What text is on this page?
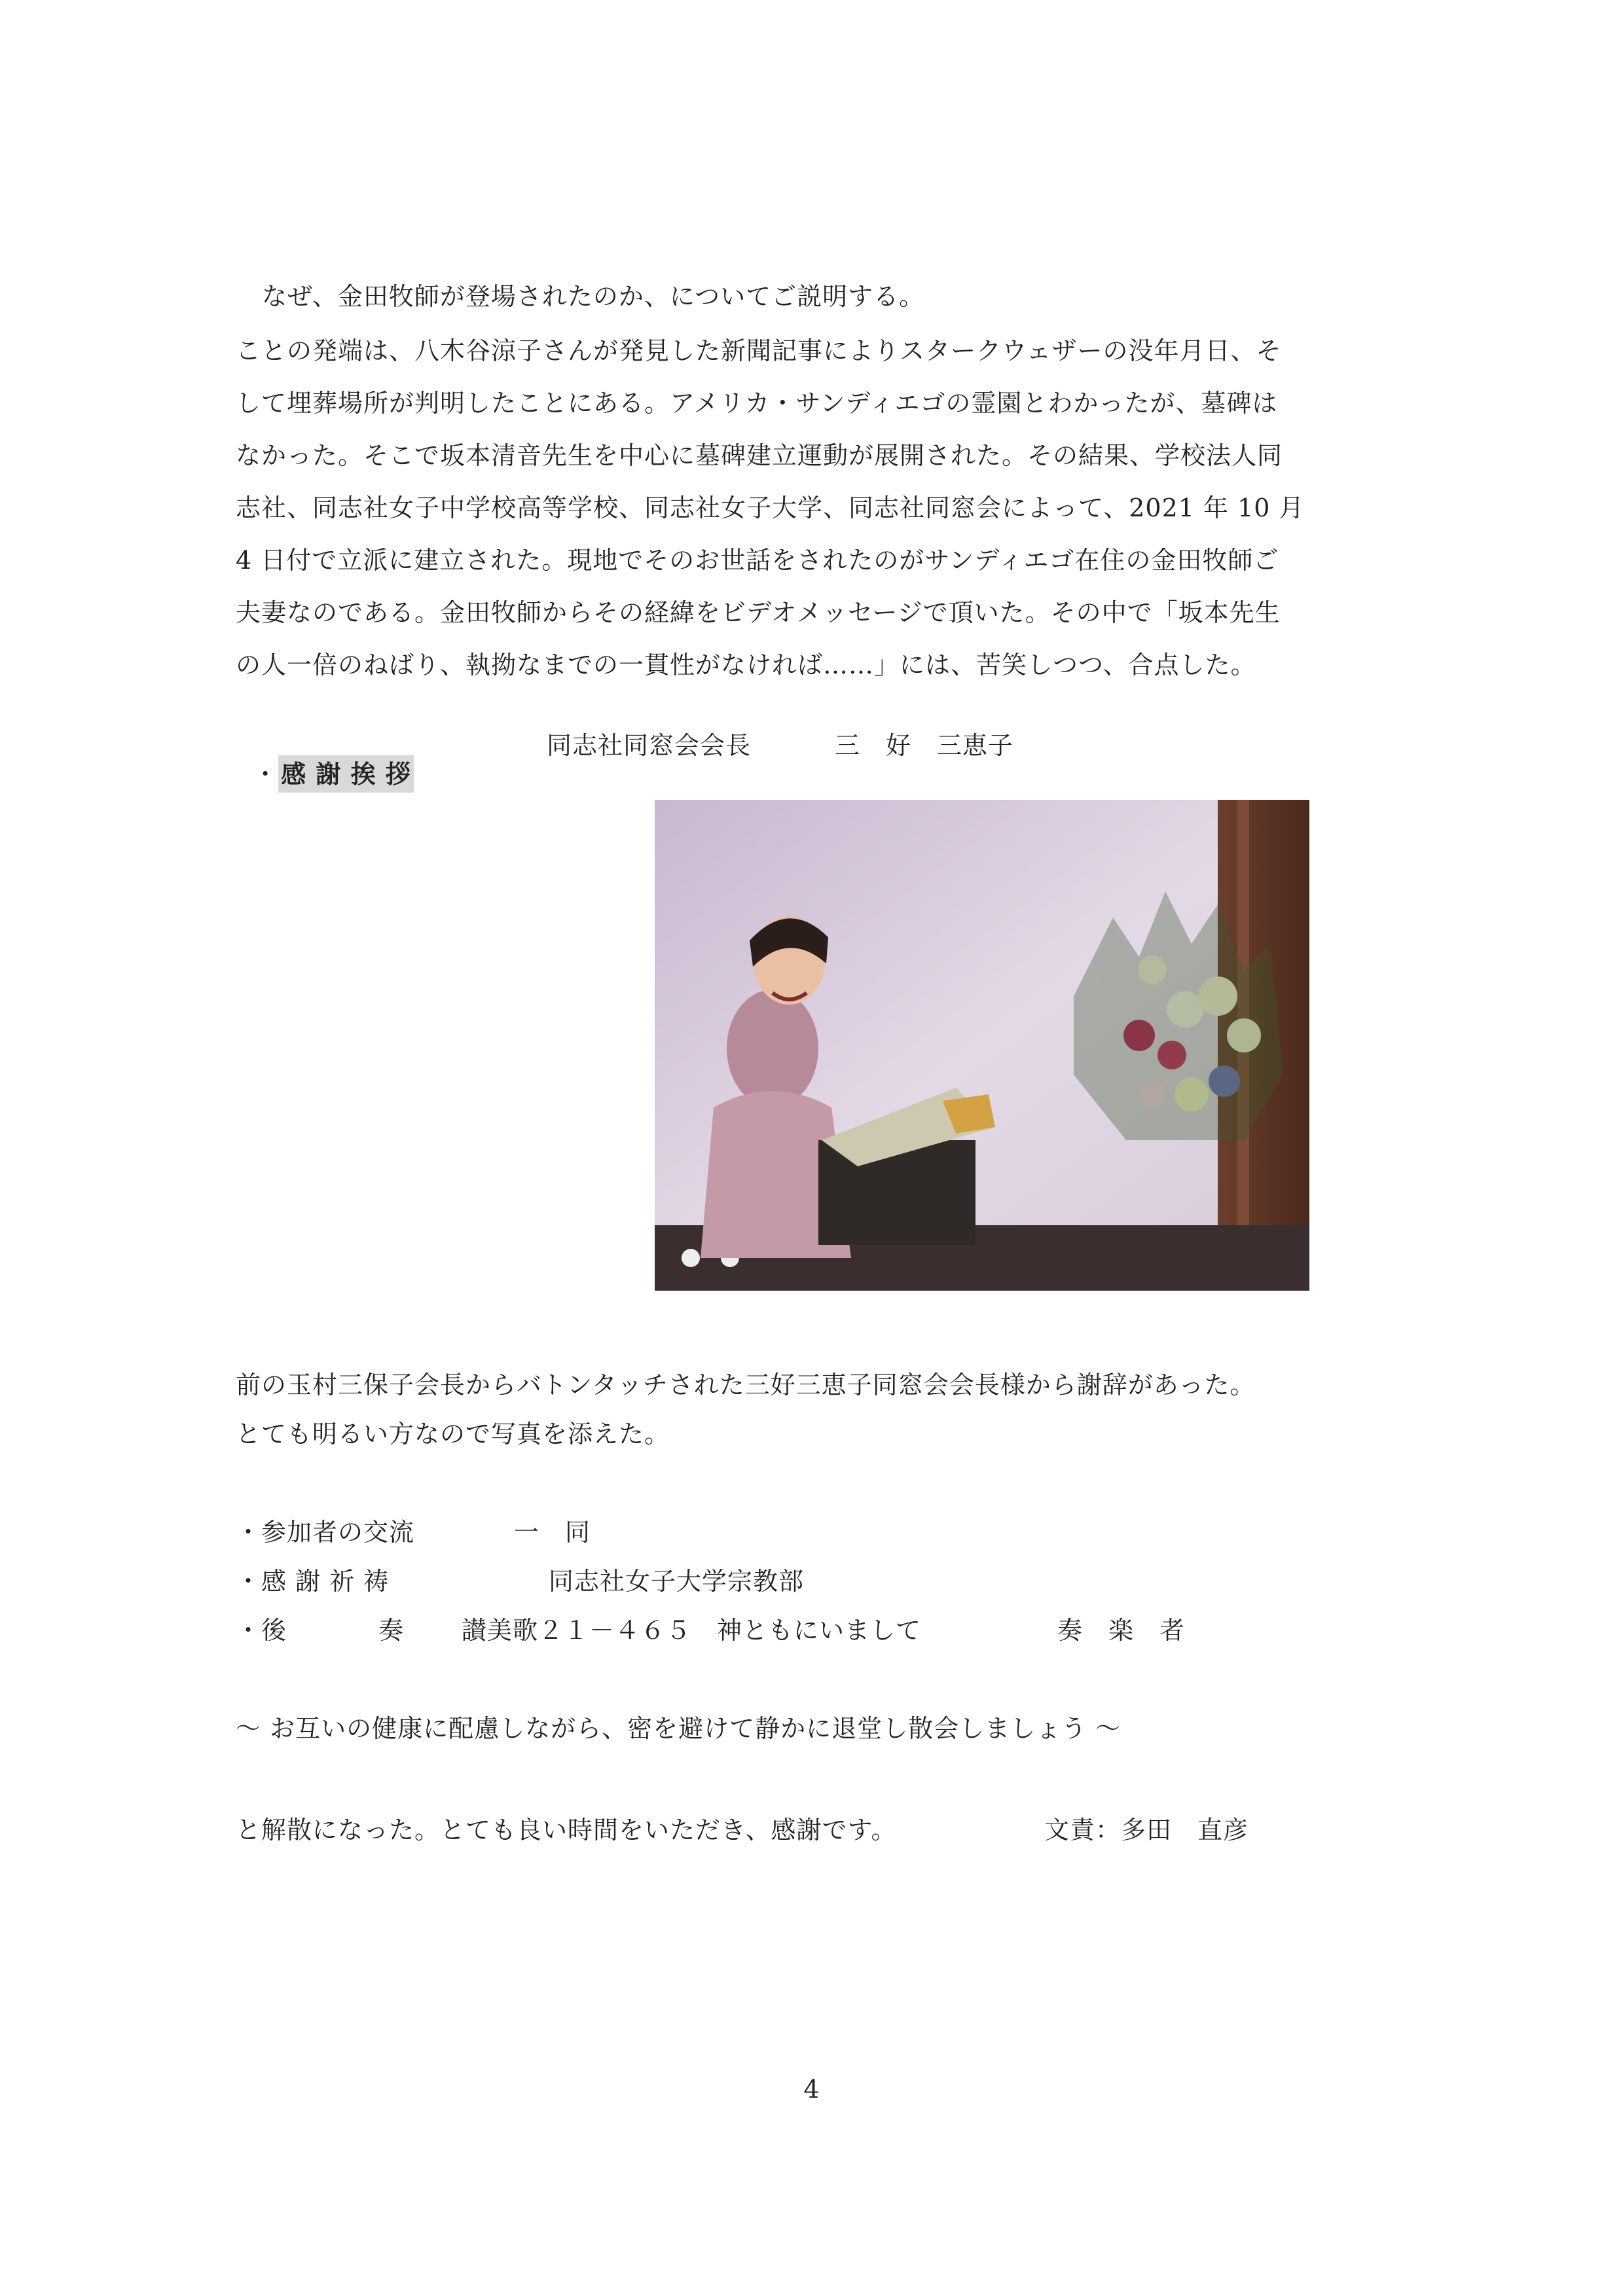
なぜ、金田牧師が登場されたのか、についてご説明する。
ことの発端は、八木谷涼子さんが発見した新聞記事によりスタークウェザーの没年月日、そ
して埋葬場所が判明したことにある。アメリカ・サンディエゴの霊園とわかったが、墓碑は
なかった。そこで坂本清音先生を中心に墓碑建立運動が展開された。その結果、学校法人同
志社、同志社女子中学校高等学校、同志社女子大学、同志社同窓会によって、2021 年 10 月
4 日付で立派に建立された。現地でそのお世話をされたのがサンディエゴ在住の金田牧師ご
夫妻なのである。金田牧師からその経緯をビデオメッセージで頂いた。その中で「坂本先生
の人一倍のねばり、執拗なまでの一貫性がなければ……」には、苦笑しつつ、合点した。

・ 感 謝 挨 拶

同志社同窓会会長	三　好　三恵子
前の玉村三保子会長からバトンタッチされた三好三恵子同窓会会長様から謝辞があった。
とても明るい方なので写真を添えた。
・参加者の交流	一　同
・感 謝 祈 祷	同志社女子大学宗教部
・後	奏 讃美歌２１－４６５　神ともにいまして	奏　楽　者
〜 お互いの健康に配慮しながら、密を避けて静かに退堂し散会しましょう 〜
と解散になった。とても良い時間をいただき、感謝です。	文責：多田　直彦
4
